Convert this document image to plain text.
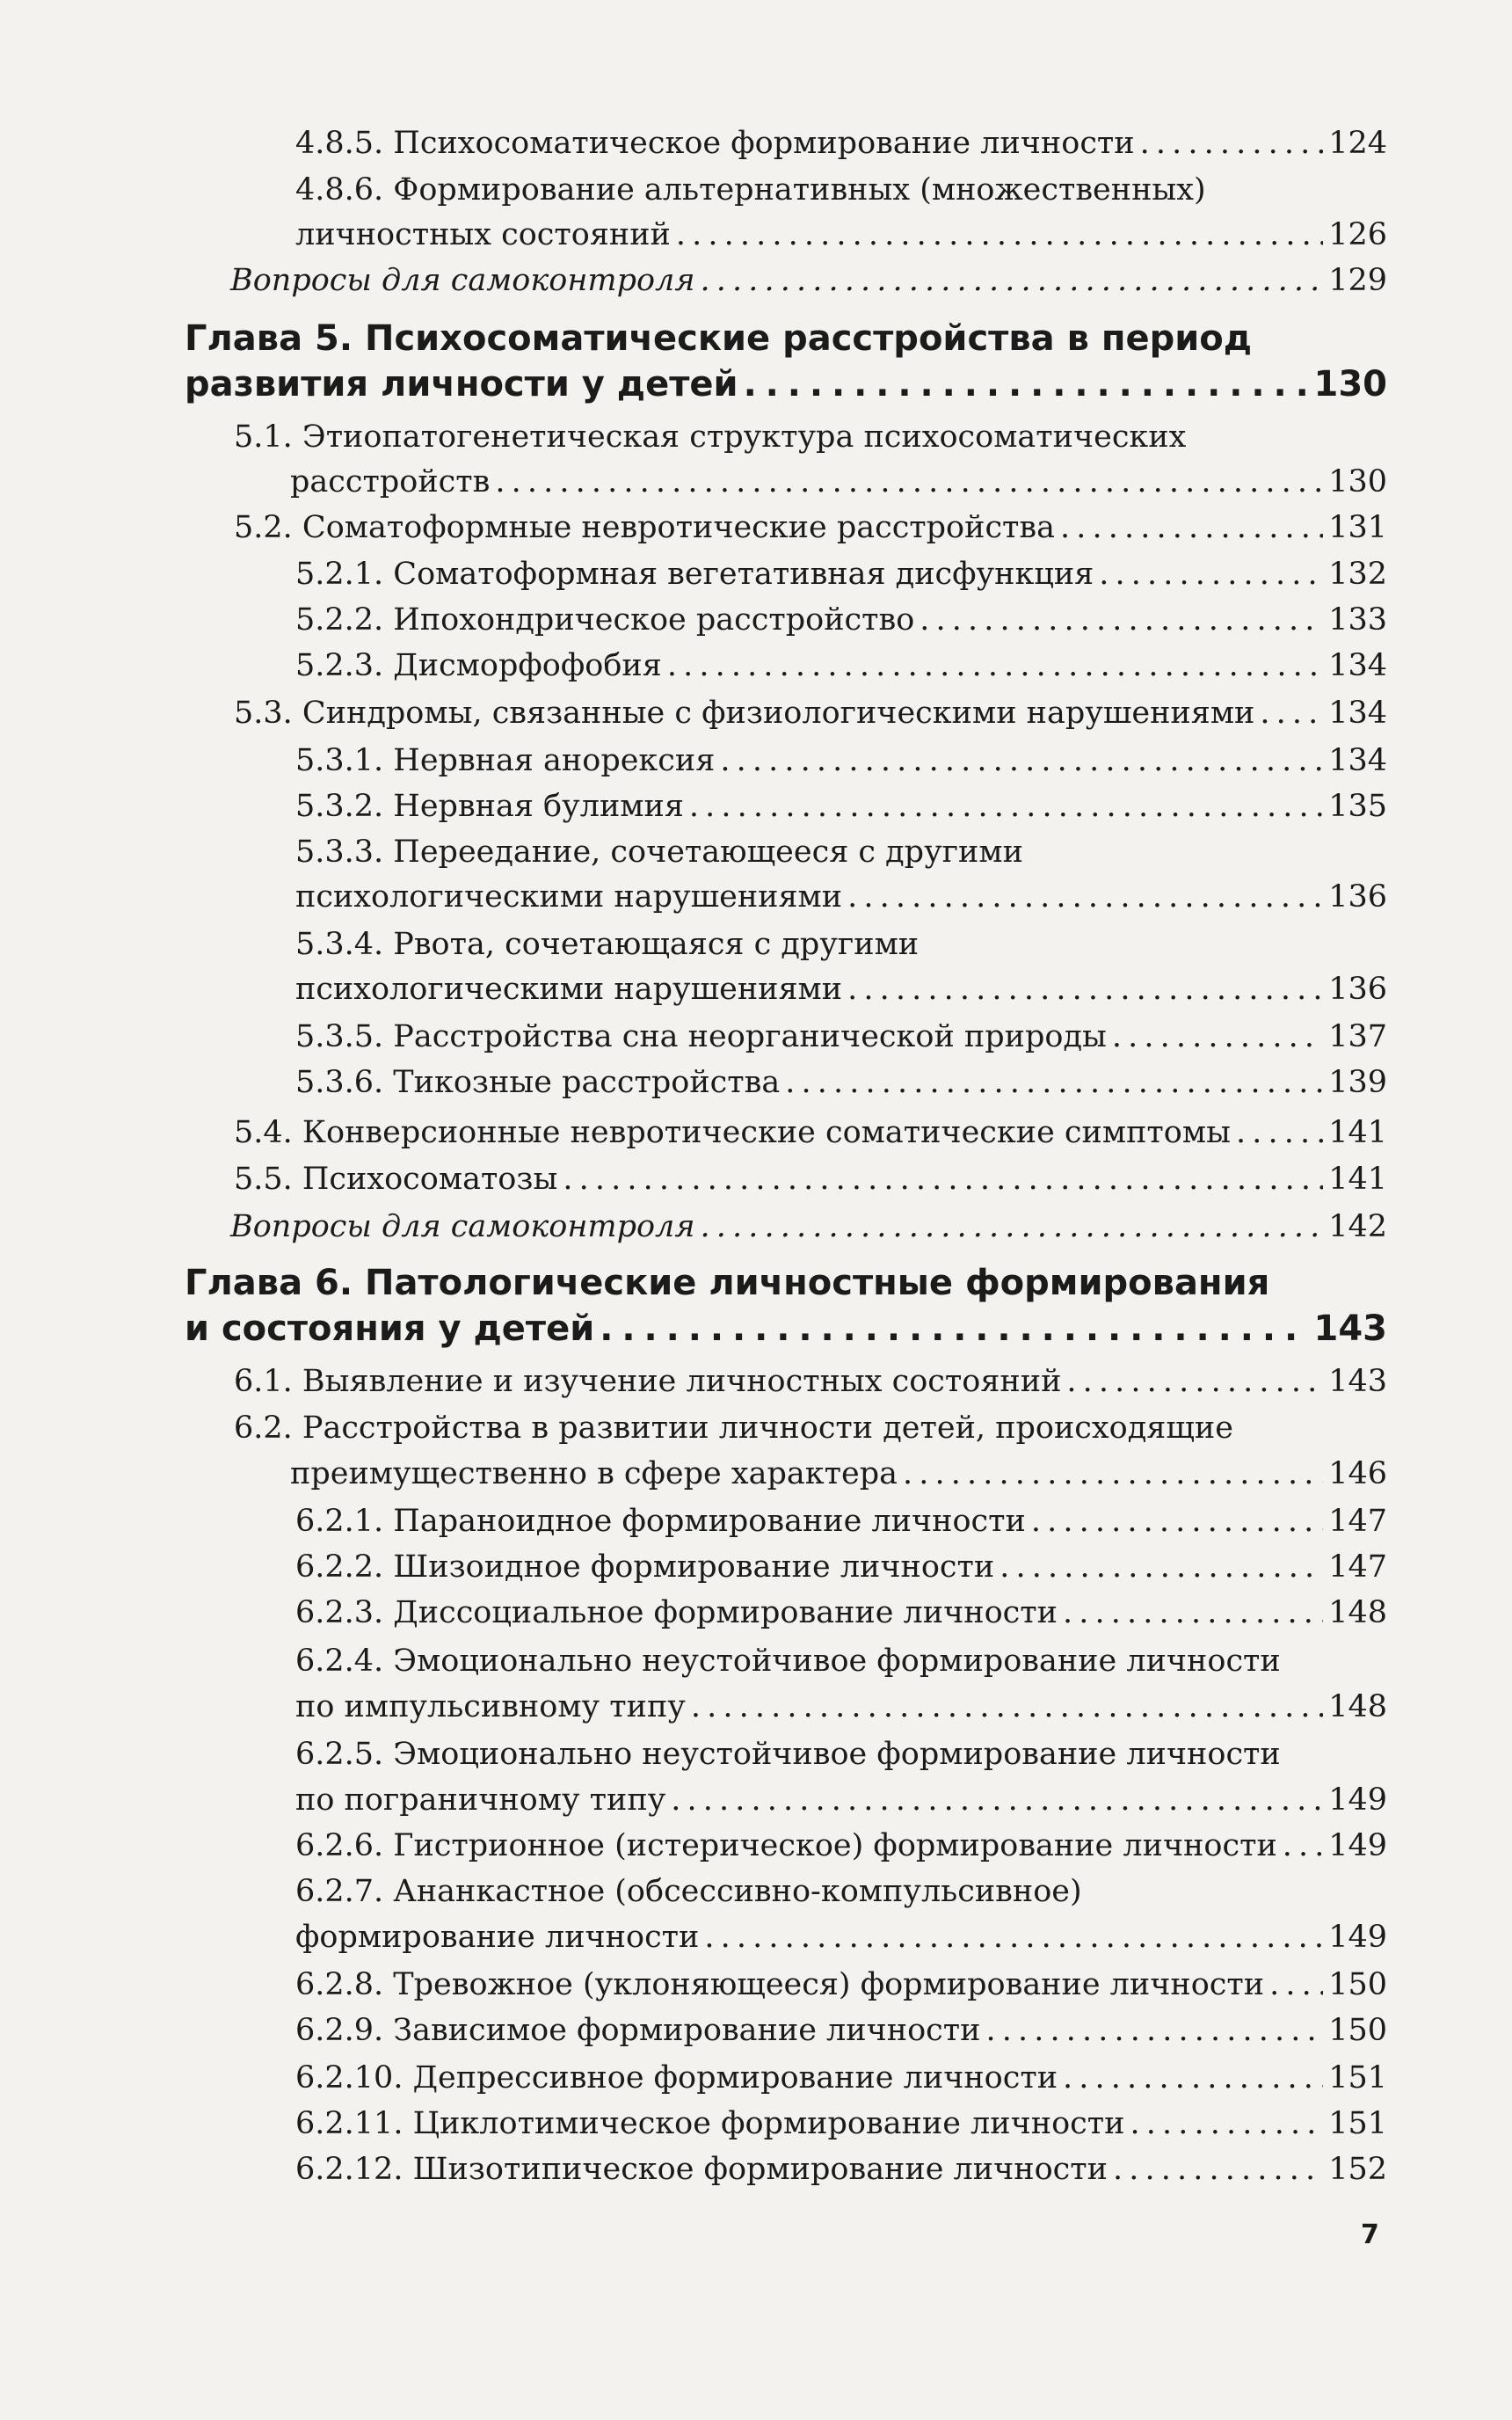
4.8.5. Психосоматическое формирование личности . . .	124
4.8.6. Формирование альтернативных (множественных)
личностных состояний . . .	126
Вопросы для самоконтроля . . .	129
Глава 5. Психосоматические расстройства в период
развития личности у детей . . .	130
5.1. Этиопатогенетическая структура психосоматических
расстройств . . .	130
5.2. Соматоформные невротические расстройства . . .	131
5.2.1. Соматоформная вегетативная дисфункция . . .	132
5.2.2. Ипохондрическое расстройство . . .	133
5.2.3. Дисморфофобия . . .	134
5.3. Синдромы, связанные с физиологическими нарушениями . . . 134
5.3.1. Нервная анорексия . . .	134
5.3.2. Нервная булимия . . .	135
5.3.3. Переедание, сочетающееся с другими
психологическими нарушениями . . .	136
5.3.4. Рвота, сочетающаяся с другими
психологическими нарушениями . . .	136
5.3.5. Расстройства сна неорганической природы . . .	137
5.3.6. Тикозные расстройства . . .	139
5.4. Конверсионные невротические соматические симптомы . . .	141
5.5. Психосоматозы . . .	141
Вопросы для самоконтроля . . .	142
Глава 6. Патологические личностные формирования
и состояния у детей . . .	143
6.1. Выявление и изучение личностных состояний . . .	143
6.2. Расстройства в развитии личности детей, происходящие
преимущественно в сфере характера . . .	146
6.2.1. Параноидное формирование личности . . .	147
6.2.2. Шизоидное формирование личности . . .	147
6.2.3. Диссоциальное формирование личности . . .	148
6.2.4. Эмоционально неустойчивое формирование личности
по импульсивному типу . . .	148
6.2.5. Эмоционально неустойчивое формирование личности
по пограничному типу . . .	149
6.2.6. Гистрионное (истерическое) формирование личности . . . 149
6.2.7. Ананкастное (обсессивно-компульсивное)
формирование личности . . .	149
6.2.8. Тревожное (уклоняющееся) формирование личности . . . 150
6.2.9. Зависимое формирование личности . . .	150
6.2.10. Депрессивное формирование личности . . .	151
6.2.11. Циклотимическое формирование личности . . .	151
6.2.12. Шизотипическое формирование личности . . .	152
7
